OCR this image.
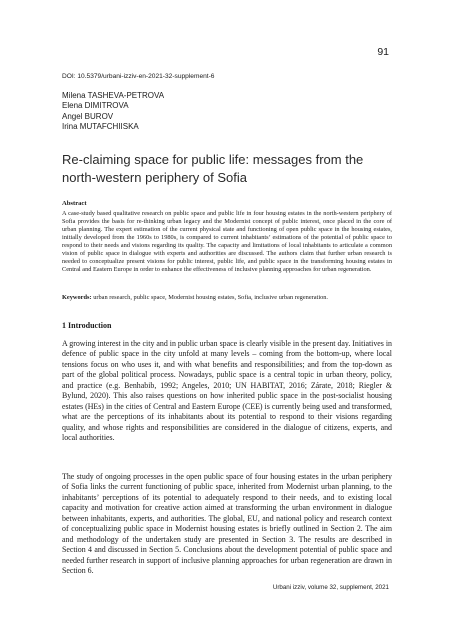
91
DOI: 10.5379/urbani-izziv-en-2021-32-supplement-6
Milena TASHEVA-PETROVA
Elena DIMITROVA
Angel BUROV
Irina MUTAFCHIISKA
Re-claiming space for public life: messages from the north-western periphery of Sofia
Abstract
A case-study based qualitative research on public space and public life in four housing estates in the north-western periphery of Sofia provides the basis for re-thinking urban legacy and the Modernist concept of public interest, once placed in the core of urban planning. The expert estimation of the current physical state and functioning of open public space in the housing estates, initially developed from the 1960s to 1980s, is compared to current inhabitants’ estimations of the potential of public space to respond to their needs and visions regarding its quality. The capacity and limitations of local inhabitants to articulate a common vision of public space in dialogue with experts and authorities are discussed. The authors claim that further urban research is needed to conceptualize present visions for public interest, public life, and public space in the transforming housing estates in Central and Eastern Europe in order to enhance the effectiveness of inclusive planning approaches for urban regeneration.
Keywords: urban research, public space, Modernist housing estates, Sofia, inclusive urban regeneration.
1 Introduction
A growing interest in the city and in public urban space is clearly visible in the present day. Initiatives in defence of public space in the city unfold at many levels – coming from the bottom-up, where local tensions focus on who uses it, and with what benefits and responsibilities; and from the top-down as part of the global political process. Nowadays, public space is a central topic in urban theory, policy, and practice (e.g. Benhabib, 1992; Angeles, 2010; UN HABITAT, 2016; Zárate, 2018; Riegler & Bylund, 2020). This also raises questions on how inherited public space in the post-socialist housing estates (HEs) in the cities of Central and Eastern Europe (CEE) is currently being used and transformed, what are the perceptions of its inhabitants about its potential to respond to their visions regarding quality, and whose rights and responsibilities are considered in the dialogue of citizens, experts, and local authorities.
The study of ongoing processes in the open public space of four housing estates in the urban periphery of Sofia links the current functioning of public space, inherited from Modernist urban planning, to the inhabitants’ perceptions of its potential to adequately respond to their needs, and to existing local capacity and motivation for creative action aimed at transforming the urban environment in dialogue between inhabitants, experts, and authorities. The global, EU, and national policy and research context of conceptualizing public space in Modernist housing estates is briefly outlined in Section 2. The aim and methodology of the undertaken study are presented in Section 3. The results are described in Section 4 and discussed in Section 5. Conclusions about the development potential of public space and needed further research in support of inclusive planning approaches for urban regeneration are drawn in Section 6.
Urbani izziv, volume 32, supplement, 2021
